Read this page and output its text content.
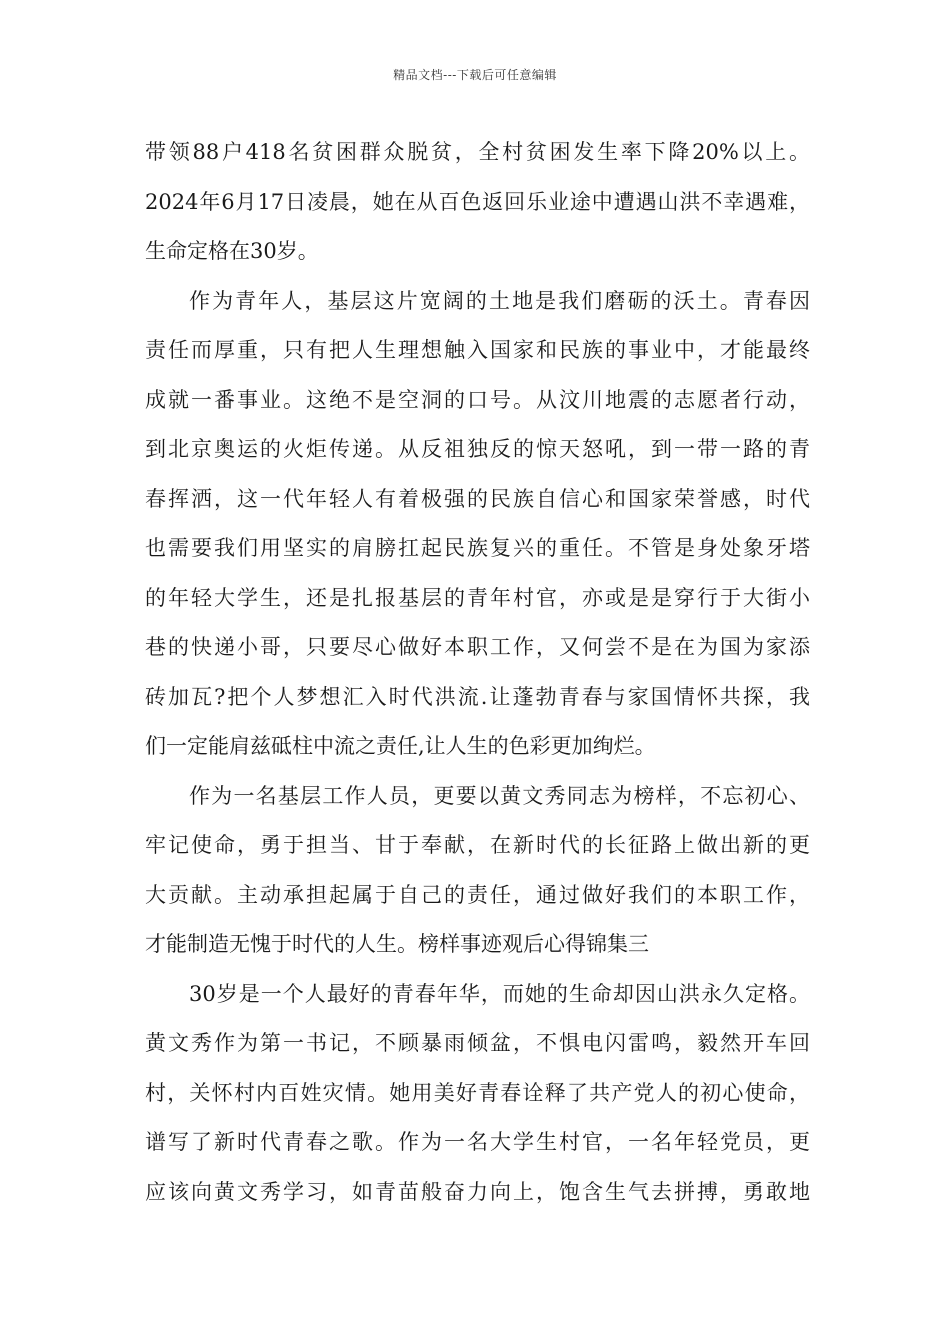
精品文档---下载后可任意编辑
带领88户418名贫困群众脱贫，全村贫困发生率下降20%以上。
2024年6月17日凌晨，她在从百色返回乐业途中遭遇山洪不幸遇难，
生命定格在30岁。
作为青年人，基层这片宽阔的土地是我们磨砺的沃土。青春因
责任而厚重，只有把人生理想触入国家和民族的事业中，才能最终
成就一番事业。这绝不是空洞的口号。从汶川地震的志愿者行动，
到北京奥运的火炬传递。从反祖独反的惊天怒吼，到一带一路的青
春挥洒，这一代年轻人有着极强的民族自信心和国家荣誉感，时代
也需要我们用坚实的肩膀扛起民族复兴的重任。不管是身处象牙塔
的年轻大学生，还是扎报基层的青年村官，亦或是是穿行于大街小
巷的快递小哥，只要尽心做好本职工作，又何尝不是在为国为家添
砖加瓦?把个人梦想汇入时代洪流.让蓬勃青春与家国情怀共探，我
们一定能肩兹砥柱中流之责任,让人生的色彩更加绚烂。
作为一名基层工作人员，更要以黄文秀同志为榜样，不忘初心、
牢记使命，勇于担当、甘于奉献，在新时代的长征路上做出新的更
大贡献。主动承担起属于自己的责任，通过做好我们的本职工作，
才能制造无愧于时代的人生。榜样事迹观后心得锦集三
30岁是一个人最好的青春年华，而她的生命却因山洪永久定格。
黄文秀作为第一书记，不顾暴雨倾盆，不惧电闪雷鸣，毅然开车回
村，关怀村内百姓灾情。她用美好青春诠释了共产党人的初心使命，
谱写了新时代青春之歌。作为一名大学生村官，一名年轻党员，更
应该向黄文秀学习，如青苗般奋力向上，饱含生气去拼搏，勇敢地
